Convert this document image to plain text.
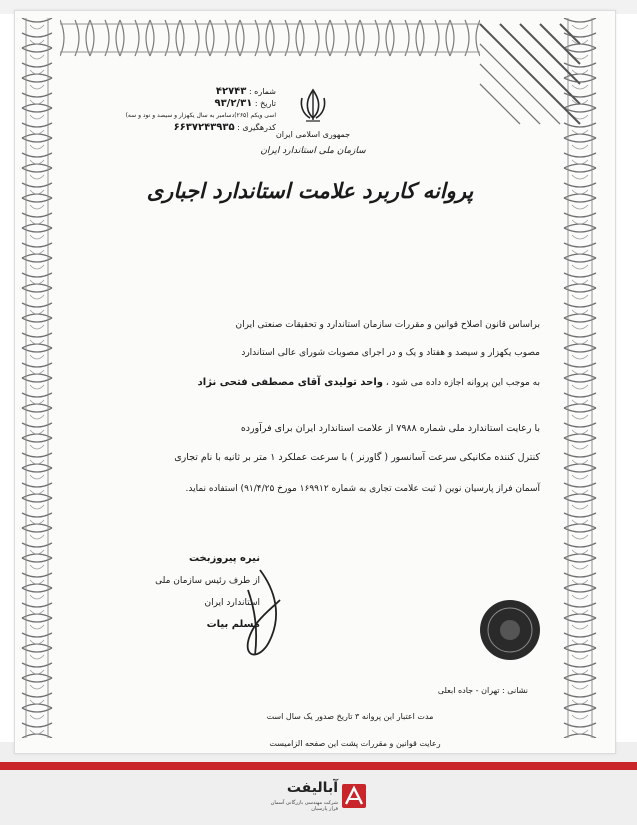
شماره : ۴۲۷۴۳
تاریخ : ۹۳/۲/۳۱
اسی ویکم (۲۶۵)دسامبر به سال یکهزار و سیصد و نود و سه)
کدرهگیری : ۶۶۳۷۲۴۳۹۳۵
جمهوری اسلامی ایران
سازمان ملی استاندارد ایران
پروانه کاربرد علامت استاندارد اجباری
براساس قانون اصلاح قوانین و مقررات سازمان استاندارد و تحقیقات صنعتی ایران
مصوب یکهزار و سیصد و هفتاد و یک و در اجرای مصوبات شورای عالی استاندارد
به موجب این پروانه اجازه داده می شود ، واحد تولیدی آقای مصطفی فتحی نژاد
با رعایت استاندارد ملی شماره ۷۹۸۸ از علامت استاندارد ایران برای فرآورده
کنترل کننده مکانیکی سرعت آسانسور ( گاورنر ) با سرعت عملکرد ۱ متر بر ثانیه با نام تجاری
آسمان فراز پارسیان نوین ( ثبت علامت تجاری به شماره ۱۶۹۹۱۲ مورخ ۹۱/۴/۲۵) استفاده نماید.
نیره پیروزبخت
از طرف رئیس سازمان ملی استاندارد ایران
مسلم بیات
نشانی : تهران - جاده ابعلی
مدت اعتبار این پروانه ۳ تاریخ صدور یک سال است
رعایت قوانین و مقررات پشت این صفحه الزامیست
آبالیفت
شرکت مهندسی بازرگانی آسمان فراز پارسیان
